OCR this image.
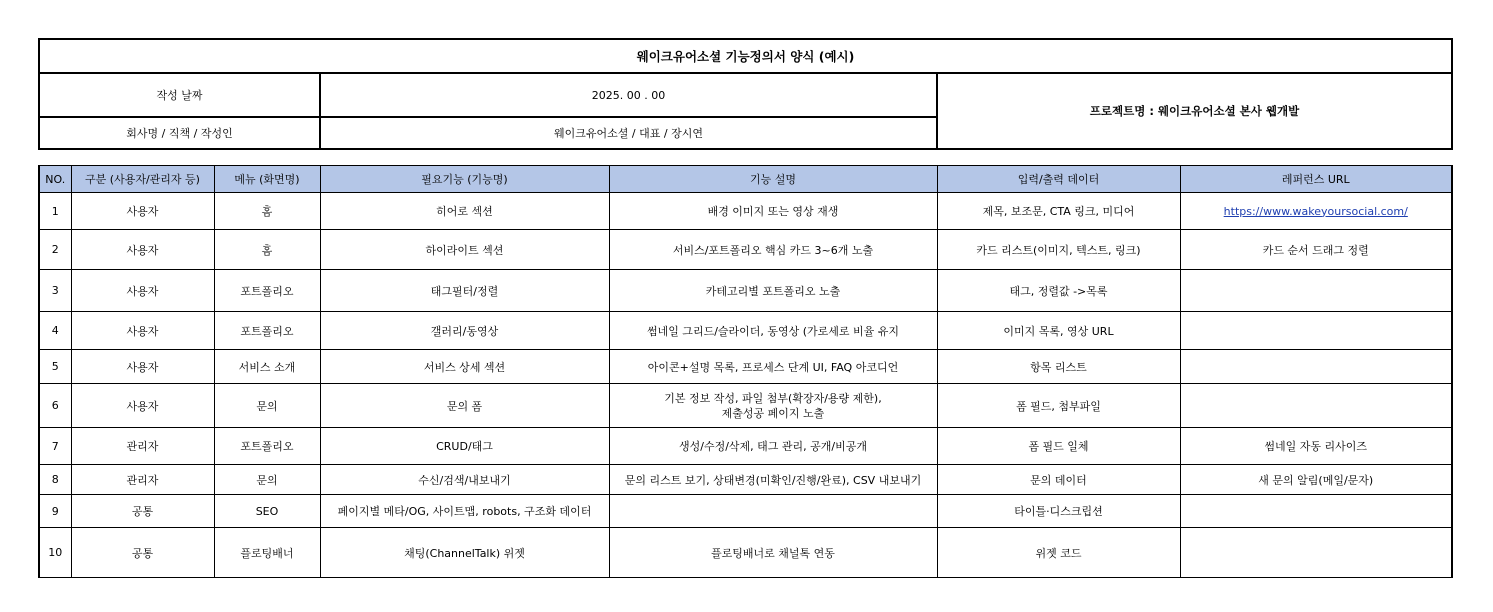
웨이크유어소셜 기능정의서 양식 (예시)		
작성 날짜	2025. 00 . 00	프로젝트명 : 웨이크유어소셜 본사 웹개발
회사명 / 직책 / 작성인	웨이크유어소셜 / 대표 / 장시연	
NO.	구분 (사용자/관리자 등)	메뉴 (화면명)	필요기능 (기능명)	기능 설명	입력/출력 데이터	레퍼런스 URL
1	사용자	홈	히어로 섹션	배경 이미지 또는 영상 재생	제목, 보조문, CTA 링크, 미디어	https://www.wakeyoursocial.com/
2	사용자	홈	하이라이트 섹션	서비스/포트폴리오 핵심 카드 3~6개 노출	카드 리스트(이미지, 텍스트, 링크)	카드 순서 드래그 정렬
3	사용자	포트폴리오	태그필터/정렬	카테고리별 포트폴리오 노출	태그, 정렬값 ->목록	
4	사용자	포트폴리오	갤러리/동영상	썸네일 그리드/슬라이더, 동영상 (가로세로 비율 유지	이미지 목록, 영상 URL	
5	사용자	서비스 소개	서비스 상세 섹션	아이콘+설명 목록, 프로세스 단계 UI, FAQ 아코디언	항목 리스트	
6	사용자	문의	문의 폼	기본 정보 작성, 파일 첨부(확장자/용량 제한),
제출성공 페이지 노출	폼 필드, 첨부파일	
7	관리자	포트폴리오	CRUD/태그	생성/수정/삭제, 태그 관리, 공개/비공개	폼 필드 일체	썸네일 자동 리사이즈
8	관리자	문의	수신/검색/내보내기	문의 리스트 보기, 상태변경(미확인/진행/완료), CSV 내보내기	문의 데이터	새 문의 알림(메일/문자)
9	공통	SEO	페이지별 메타/OG, 사이트맵, robots, 구조화 데이터		타이틀·디스크립션	
10	공통	플로팅배너	채팅(ChannelTalk) 위젯	플로팅배너로 채널톡 연동	위젯 코드	
